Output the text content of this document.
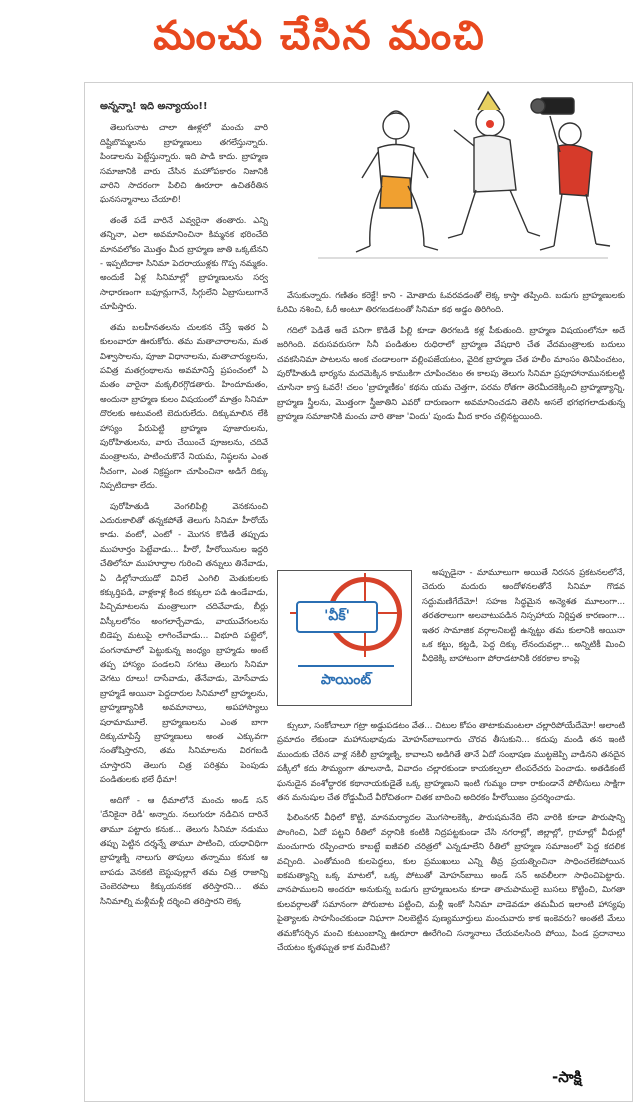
మంచు చేసిన మంచి

అన్నన్నా! ఇది అన్యాయం!!

తెలుగునాట చాలా ఊళ్లలో మంచు వారి దిష్టిబొమ్మలను బ్రాహ్మణులు తగలేస్తున్నారు. పిండాలను పెట్టేస్తున్నారు. ఇది పాడి కాదు. బ్రాహ్మణ సమాజానికి వారు చేసిన మహోపకారం నిజానికి వారిని సాదరంగా పిలిచి ఊరూరా ఉచితరీతిన ఘనసన్మానాలు చేయాలి!

తంతే పడే వారినే ఎవ్వరైనా తంతారు. ఎన్ని తన్నినా, ఎలా అవమానించినా కిమ్మనక భరించేది మానవలోకం మొత్తం మీద బ్రాహ్మణ జాతి ఒక్కటేనని - ఇప్పటిదాకా సినిమా పెదరాయుళ్లకు గొప్ప నమ్మకం. అందుకే ఏళ్ల సినిమాల్లో బ్రాహ్మణులను సర్వ సాధారణంగా బఫూన్లుగానే, సిగ్గులేని ఏబ్రాసులుగానే చూపిస్తారు.

తమ బలహీనతలను చులకన చేస్తే ఇతర ఏ కులంవారూ ఊరుకోరు. తమ మతాచారాలను, మత విశ్వాసాలను, పూజా విధానాలను, మతాచార్యులను, పవిత్ర మతగ్రంథాలను అవమానిస్తే ప్రపంచంలో ఏ మతం వారైనా మక్కలిరగ్గొడతారు. హిందూమతం, అందునా బ్రాహ్మణ కులం విషయంలో మాత్రం సినిమా దొరలకు అటువంటి బెదురులేదు. దిక్కుమాలిన లేకి హాస్యం పేరుపెట్టి బ్రాహ్మణ పూజారులను, పురోహితులను, వారు చేయించే పూజలను, చదివే మంత్రాలను, పాటించుకొనే నియమ, నిష్ఠలను ఎంత నీచంగా, ఎంత నిక్రష్టంగా చూపించినా అడిగే దిక్కు నిప్పటిదాకా లేదు.

పురోహితుడి వెంగలిపిల్లి వెనకనుంచి ఎదురుకాలితో తన్నకపోతే తెలుగు సినిమా హీరోయే కాడు. వంటో, ఎంటో - మొగన కొడితే తప్పుడు ముహూర్తం పెట్టేవాడు... హీరో, హీరోయినుల ఇద్దరి చేతిలోనూ ముహూర్తాల గురించి తన్నులు తినేవాడు, ఏ డిల్లోనాయుడో వినిలే ఎంగిలి మెతుకులకు కక్కుర్తిపడి, వాళ్లకాళ్ల కింద కక్కులా పడి ఉండేవాడు, పిచ్చిమాటలను మంత్రాలుగా చదివేవాడు, బీర్లు విస్కీలలోనం అంగలార్చేవాడు, వాయువేగంలను బిడెప్ప మటుపై లాగించేవాడు... విభూది పట్టెలో, పంగనామాలో పెట్టుకున్న జంధ్యం బ్రాహ్మడు అంటే తప్ప హాస్యం పండలని సగటు తెలుగు సినిమా వెగటు రూలు! దాసేవాడు, తేనేవాడు, మోసేవాడు బ్రాహ్మడే అయినా పెద్దదారుల సినిమాలో బ్రాహ్మలను, బ్రాహ్మణ్యానికి అవమానాలు, అపహాస్యాలు షరామామూలే. బ్రాహ్మణులను ఎంత బాగా దిక్కుచూపిస్తే బ్రాహ్మణులు అంత ఎక్కువగా సంతోషిస్తారని, తమ సినిమాలను విరగబడి చూస్తారని తెలుగు చిత్ర పరిశ్రమ పెంపుడు పండితులకు భలే ధీమా!

అదిగో - ఆ ధీమాలోనే మంచు అండ్ సన్ 'దేనికైనా రెడీ' అన్నారు. నలుగురూ నడిచిన దారినే తామూ పట్టారు కనుక... తెలుగు సినిమా నడుము తప్పు పెట్టిన దర్శన్నే తామూ పాటించి, యధావిధిగా బ్రాహ్మణ్ని నాలుగు తాపులు తన్నాము కనుక ఆ బాపడు వెనకటి బెస్టుపుల్లాగే తమ చిత్ర రాజాన్ని చెంబెరపాలు కిక్కుయనకక తరిస్తారని... తమ సినిమాల్ని మళ్లీమళ్లీ దర్శించి తరిస్తారని లెక్క

వేసుకున్నారు. గణితం కరెక్టే! కాని - మోతాదు ఓవరవడంతో లెక్క కాస్తా తప్పింది. బడుగు బ్రాహ్మణులకు ఓరిమి నశించి, ఓరీ అంటూ తిరగబడటంతో సినిమా కథ అడ్డం తిరిగింది.

గదిలో పెడితే అదే పనిగా కొడితే పిల్లి కూడా తిరగబడి కళ్ల పీకుతుంది. బ్రాహ్మణ విషయంలోనూ అదే జరిగింది. వరుసవరుసగా సినీ పండితుల రుధిరాలో బ్రాహ్మణ వేషధారి చేత వేదమంత్రాలకు బదులు చవకసినిమా పాటలను అంక చండాలంగా వల్లింపజేయటం, వైదిక బ్రాహ్మణ చేత హలీం మాంసం తినిపించటం, పురోహితుడి భార్యను మదమెక్కిన కాముకిగా చూపించటం ఈ కాలపు తెలుగు సినిమా ప్రపూహానామునకులట్టి చూసినా కాస్త ఓవరే! చలం 'బ్రాహ్మణీకం' కథను యమ చెత్తగా, పరమ రోతగా తెరమీదకెక్కించి బ్రాహ్మణ్యాన్ని, బ్రాహ్మణ స్త్రీలను, మొత్తంగా స్త్రీజాతిని ఎవరో దారుణంగా అవమానించడని తెలిసి అసలే భగభగలాడుతున్న బ్రాహ్మణ సమాజానికి మంచు వారి తాజా 'విందు' పుండు మీద కారం చల్లినట్టయింది.

'వీక్'
పాయింట్

అప్పుడైనా - మామూలుగా అయితే నిరసన ప్రకటనలలోనే, చెదురు మదురు ఆందోళనలతోనే సినిమా గొడవ సద్దుమణిగేదేమో! సహజ సిద్ధమైన అన్యెశత మూలంగా... తరతరాలుగా అలవాటుపడిన నిస్సహాయ నిర్లిప్తత కారణంగా... ఇతర సామాజిక వర్గాలనిబట్టి ఉన్నట్టు తమ కులానికి అయినా ఒక కట్టు, కట్టడి, పెద్ద దిక్కు లేనందువల్లా... అన్నిటికీ మించి వీధికెక్కి బాహాటంగా పోరాడటానికి రకరకాల కాంప్లె

క్సులూ, సంకోచాలూ గట్రా అడ్డుపడటం వేత... చిటుల కోపం తాటాకుమంటలా చల్లారిపోయేదేమో! అలాంటి ప్రమాదం లేకుండా మహానుభావుడు మోహన్‌బాబుగారు చొరవ తీసుకుని... కదుపు మండి తన ఇంటి ముందుకు చేరిన వాళ్ల నకిలీ బ్రాహ్మణ్ని, కావాలని అడిగితే తానే ఏదో సంభాషణ ముట్టజెప్పి వాడినని తనదైన పక్కీలో కదు సౌమ్యంగా తూలనాడి, వివాదం చల్లారకుండా కాయకల్పలా టింపరేచరు పెంచాడు. అతడికంటే ఘనుడైన వంశోద్ధారక కథానాయకుడైతే ఒక్క బ్రాహ్మణుని ఇంటి గుమ్మం దాకా రాకుండానే పోలీసులు సాక్షిగా తన మనుషుల చేత రోడ్డుమీదే వీరోచితంగా చితక బాదించి అదిరకం హీరోయిజం ప్రదర్శించాడు.

ఫిలింనగర్ వీధిలో కొట్టి, మానమర్యాదల మొగసాలకెక్కి, పౌరుషమనేది లేని వారికి కూడా పౌరుషాన్ని పొంగించి, ఏదో పట్టని రీతిలో వర్గానికి కంటికి నిద్రపట్టకుండా చేసి నగరాల్లో, జిల్లాల్లో, గ్రామాల్లో వీధుల్లో మంచుగారు రప్పించారు కాబట్టే ఐజీవలి చరిత్రలో ఎన్నడూలేని రీతిలో బ్రాహ్మణ సమాజంలో పెద్ద కదలిక వచ్చింది. ఎంతోమంది కులపెద్దలు, కుల ప్రముఖులు ఎన్ని తీవ్ర ప్రయత్నించినా సాధించలేకపోయిన ఐకమత్యాన్ని ఒక్క మాటలో, ఒక్క పోటుతో మోహన్‌బాబు అండ్ సన్ అవలీలగా సాధించిపెట్టారు. వానపాములని అందరూ అనుకున్న బడుగు బ్రాహ్మణులను కూడా తాచుపాములై బుసలు కొట్టించి, మిగతా కులవర్గాలతో సమానంగా పోరుబాట పట్టించి, మళ్లీ ఇంకో సినిమా వాడెవడూ తమమీద ఇలాంటి హాస్యపు పైత్యాలకు సాహసించకుండా నిఘాగా నిలబెట్టిన పుణ్యమూర్తులు మంచువారు కాక ఇంకెవరు? అంతటి మేలు తమకోసర్చిన మంచి కుటుంబాన్ని ఊరూరా ఊరేగించి సన్మానాలు చేయవలసింది పోయి, పిండ ప్రదానాలు చేయటం కృతఘ్నత కాక మరేమిటి?

-సాక్షి
